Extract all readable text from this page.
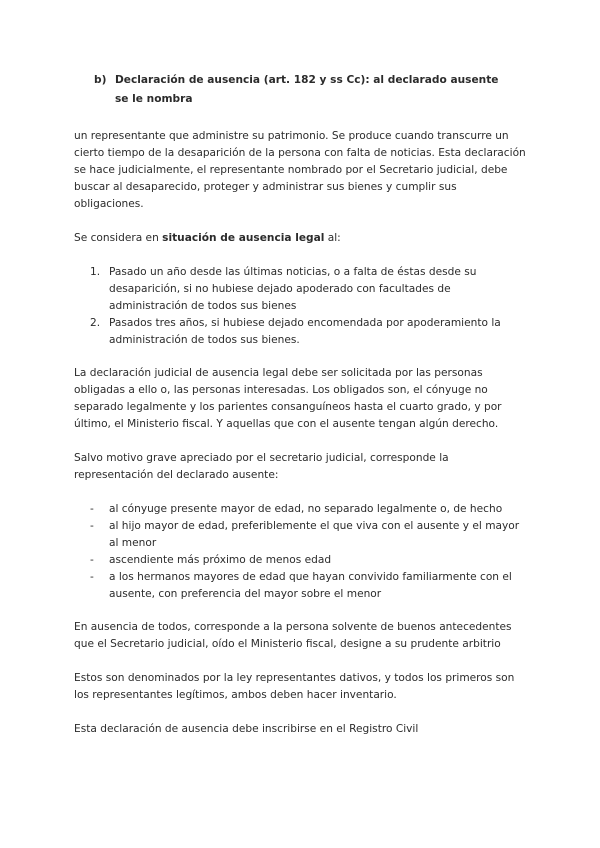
b) Declaración de ausencia (art. 182 y ss Cc): al declarado ausente se le nombra

un representante que administre su patrimonio. Se produce cuando transcurre un cierto tiempo de la desaparición de la persona con falta de noticias. Esta declaración se hace judicialmente, el representante nombrado por el Secretario judicial, debe buscar al desaparecido, proteger y administrar sus bienes y cumplir sus obligaciones.

Se considera en situación de ausencia legal al:

1. Pasado un año desde las últimas noticias, o a falta de éstas desde su desaparición, si no hubiese dejado apoderado con facultades de administración de todos sus bienes
2. Pasados tres años, si hubiese dejado encomendada por apoderamiento la administración de todos sus bienes.

La declaración judicial de ausencia legal debe ser solicitada por las personas obligadas a ello o, las personas interesadas. Los obligados son, el cónyuge no separado legalmente y los parientes consanguíneos hasta el cuarto grado, y por último, el Ministerio fiscal. Y aquellas que con el ausente tengan algún derecho.

Salvo motivo grave apreciado por el secretario judicial, corresponde la representación del declarado ausente:

-	al cónyuge presente mayor de edad, no separado legalmente o, de hecho
-	al hijo mayor de edad, preferiblemente el que viva con el ausente y el mayor al menor
-	ascendiente más próximo de menos edad
-	a los hermanos mayores de edad que hayan convivido familiarmente con el ausente, con preferencia del mayor sobre el menor

En ausencia de todos, corresponde a la persona solvente de buenos antecedentes que el Secretario judicial, oído el Ministerio fiscal, designe a su prudente arbitrio

Estos son denominados por la ley representantes dativos, y todos los primeros son los representantes legítimos, ambos deben hacer inventario.

Esta declaración de ausencia debe inscribirse en el Registro Civil
